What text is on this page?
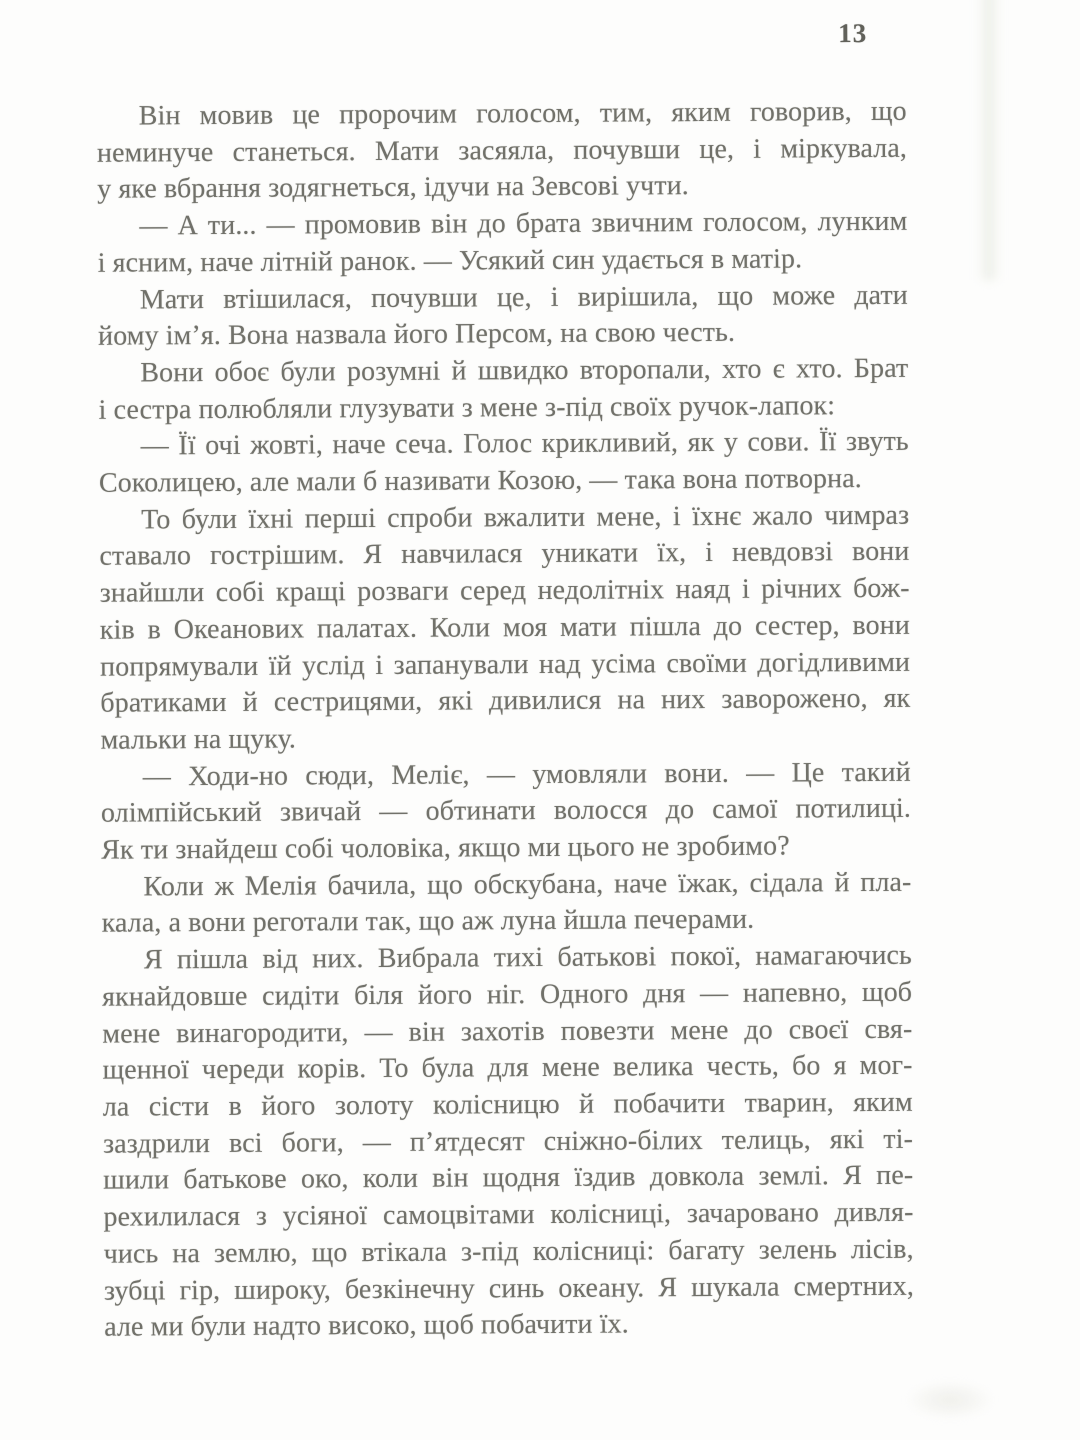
13
Він мовив це пророчим голосом, тим, яким говорив, що
неминуче станеться. Мати засяяла, почувши це, і міркувала,
у яке вбрання зодягнеться, ідучи на Зевсові учти.
— А ти... — промовив він до брата звичним голосом, лунким
і ясним, наче літній ранок. — Усякий син удається в матір.
Мати втішилася, почувши це, і вирішила, що може дати
йому ім’я. Вона назвала його Персом, на свою честь.
Вони обоє були розумні й швидко второпали, хто є хто. Брат
і сестра полюбляли глузувати з мене з-під своїх ручок-лапок:
— Її очі жовті, наче сеча. Голос крикливий, як у сови. Її звуть
Соколицею, але мали б називати Козою, — така вона потворна.
То були їхні перші спроби вжалити мене, і їхнє жало чимраз
ставало гострішим. Я навчилася уникати їх, і невдовзі вони
знайшли собі кращі розваги серед недолітніх наяд і річних бож-
ків в Океанових палатах. Коли моя мати пішла до сестер, вони
попрямували їй услід і запанували над усіма своїми догідливими
братиками й сестрицями, які дивилися на них заворожено, як
мальки на щуку.
— Ходи-но сюди, Меліє, — умовляли вони. — Це такий
олімпійський звичай — обтинати волосся до самої потилиці.
Як ти знайдеш собі чоловіка, якщо ми цього не зробимо?
Коли ж Мелія бачила, що обскубана, наче їжак, сідала й пла-
кала, а вони реготали так, що аж луна йшла печерами.
Я пішла від них. Вибрала тихі батькові покої, намагаючись
якнайдовше сидіти біля його ніг. Одного дня — напевно, щоб
мене винагородити, — він захотів повезти мене до своєї свя-
щенної череди корів. То була для мене велика честь, бо я мог-
ла сісти в його золоту колісницю й побачити тварин, яким
заздрили всі боги, — п’ятдесят сніжно-білих телиць, які ті-
шили батькове око, коли він щодня їздив довкола землі. Я пе-
рехилилася з усіяної самоцвітами колісниці, зачаровано дивля-
чись на землю, що втікала з-під колісниці: багату зелень лісів,
зубці гір, широку, безкінечну синь океану. Я шукала смертних,
але ми були надто високо, щоб побачити їх.
